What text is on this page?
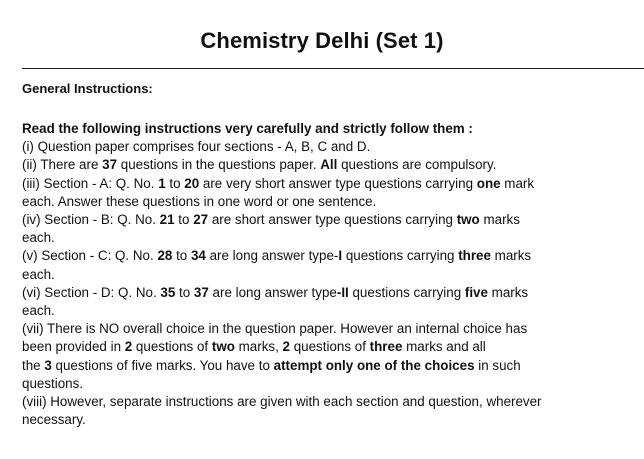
Chemistry Delhi (Set 1)
General Instructions:

Read the following instructions very carefully and strictly follow them :

(i) Question paper comprises four sections - A, B, C and D.

(ii) There are 37 questions in the questions paper. All questions are compulsory.

(iii) Section - A: Q. No. 1 to 20 are very short answer type questions carrying one mark
each. Answer these questions in one word or one sentence.

(iv) Section - B: Q. No. 21 to 27 are short answer type questions carrying two marks
each.

(v) Section - C: Q. No. 28 to 34 are long answer type-I questions carrying three marks
each.

(vi) Section - D: Q. No. 35 to 37 are long answer type-II questions carrying five marks
each.

(vii) There is NO overall choice in the question paper. However an internal choice has
been provided in 2 questions of two marks, 2 questions of three marks and all
the 3 questions of five marks. You have to attempt only one of the choices in such
questions.

(viii) However, separate instructions are given with each section and question, wherever
necessary.
